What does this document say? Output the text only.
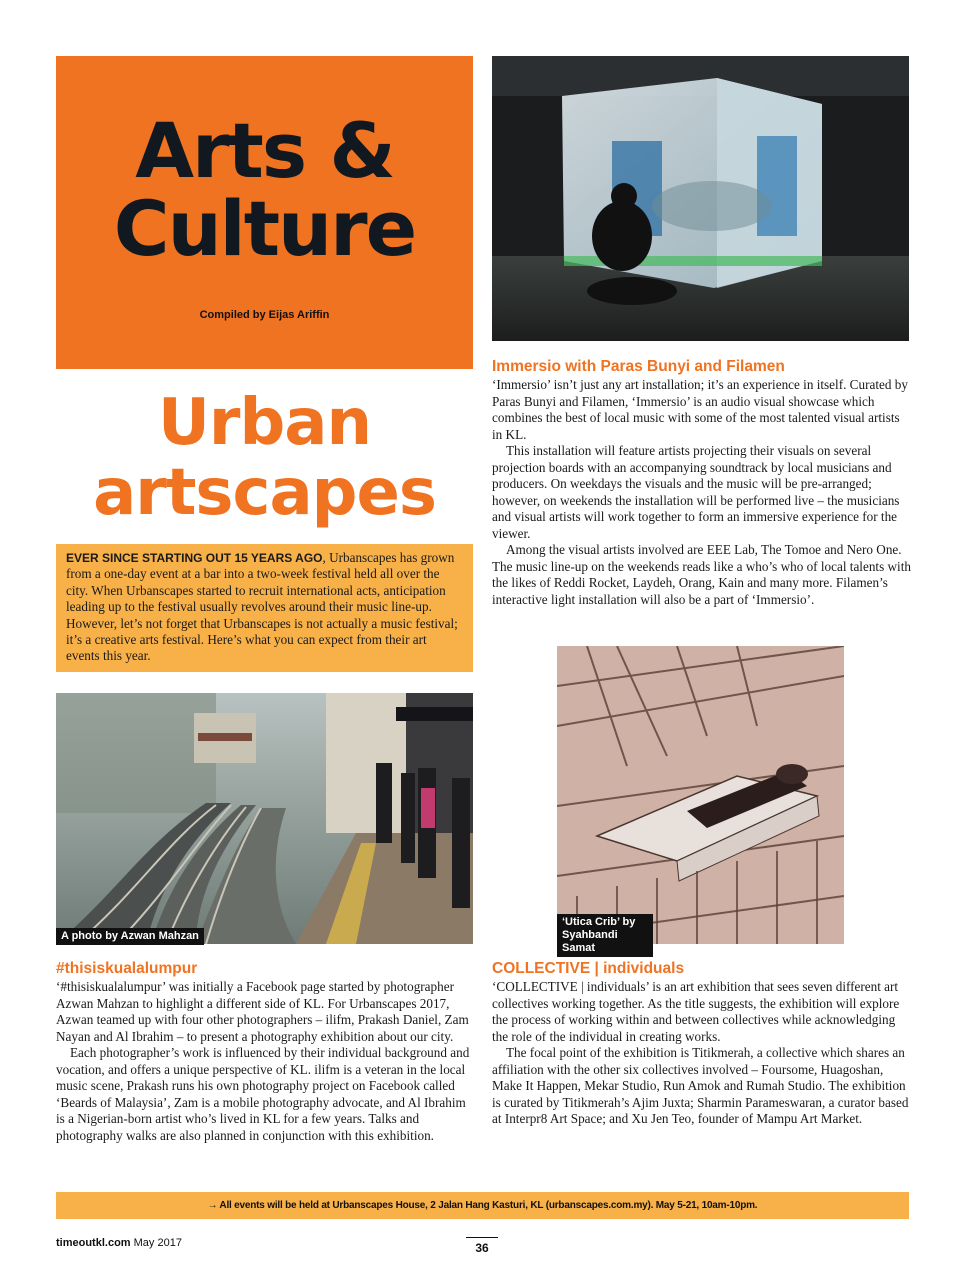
Arts &
Culture
Compiled by Eijas Ariffin
Urban
artscapes
EVER SINCE STARTING OUT 15 YEARS AGO, Urbanscapes has grown from a one-day event at a bar into a two-week festival held all over the city. When Urbanscapes started to recruit international acts, anticipation leading up to the festival usually revolves around their music line-up. However, let’s not forget that Urbanscapes is not actually a music festival; it’s a creative arts festival. Here’s what you can expect from their art events this year.
Immersio with Paras Bunyi and Filamen

‘Immersio’ isn’t just any art installation; it’s an experience in itself. Curated by Paras Bunyi and Filamen, ‘Immersio’ is an audio visual showcase which combines the best of local music with some of the most talented visual artists in KL.

This installation will feature artists projecting their visuals on several projection boards with an accompanying soundtrack by local musicians and producers. On weekdays the visuals and the music will be pre-arranged; however, on weekends the installation will be performed live – the musicians and visual artists will work together to form an immersive experience for the viewer.

Among the visual artists involved are EEE Lab, The Tomoe and Nero One. The music line-up on the weekends reads like a who’s who of local talents with the likes of Reddi Rocket, Laydeh, Orang, Kain and many more. Filamen’s interactive light installation will also be a part of ‘Immersio’.

A photo by Azwan Mahzan
#thisiskualalumpur

‘#thisiskualalumpur’ was initially a Facebook page started by photographer Azwan Mahzan to highlight a different side of KL. For Urbanscapes 2017, Azwan teamed up with four other photographers – ilifm, Prakash Daniel, Zam Nayan and Al Ibrahim – to present a photography exhibition about our city.

Each photographer’s work is influenced by their individual background and vocation, and offers a unique perspective of KL. ilifm is a veteran in the local music scene, Prakash runs his own photography project on Facebook called ‘Beards of Malaysia’, Zam is a mobile photography advocate, and Al Ibrahim is a Nigerian-born artist who’s lived in KL for a few years. Talks and photography walks are also planned in conjunction with this exhibition.

‘Utica Crib’ by
Syahbandi Samat
COLLECTIVE | individuals

‘COLLECTIVE | individuals’ is an art exhibition that sees seven different art collectives working together. As the title suggests, the exhibition will explore the process of working within and between collectives while acknowledging the role of the individual in creating works.

The focal point of the exhibition is Titikmerah, a collective which shares an affiliation with the other six collectives involved – Foursome, Huagoshan, Make It Happen, Mekar Studio, Run Amok and Rumah Studio. The exhibition is curated by Titikmerah’s Ajim Juxta; Sharmin Parameswaran, a curator based at Interpr8 Art Space; and Xu Jen Teo, founder of Mampu Art Market.

→ All events will be held at Urbanscapes House, 2 Jalan Hang Kasturi, KL (urbanscapes.com.my). May 5-21, 10am-10pm.
timeoutkl.com May 2017	36
